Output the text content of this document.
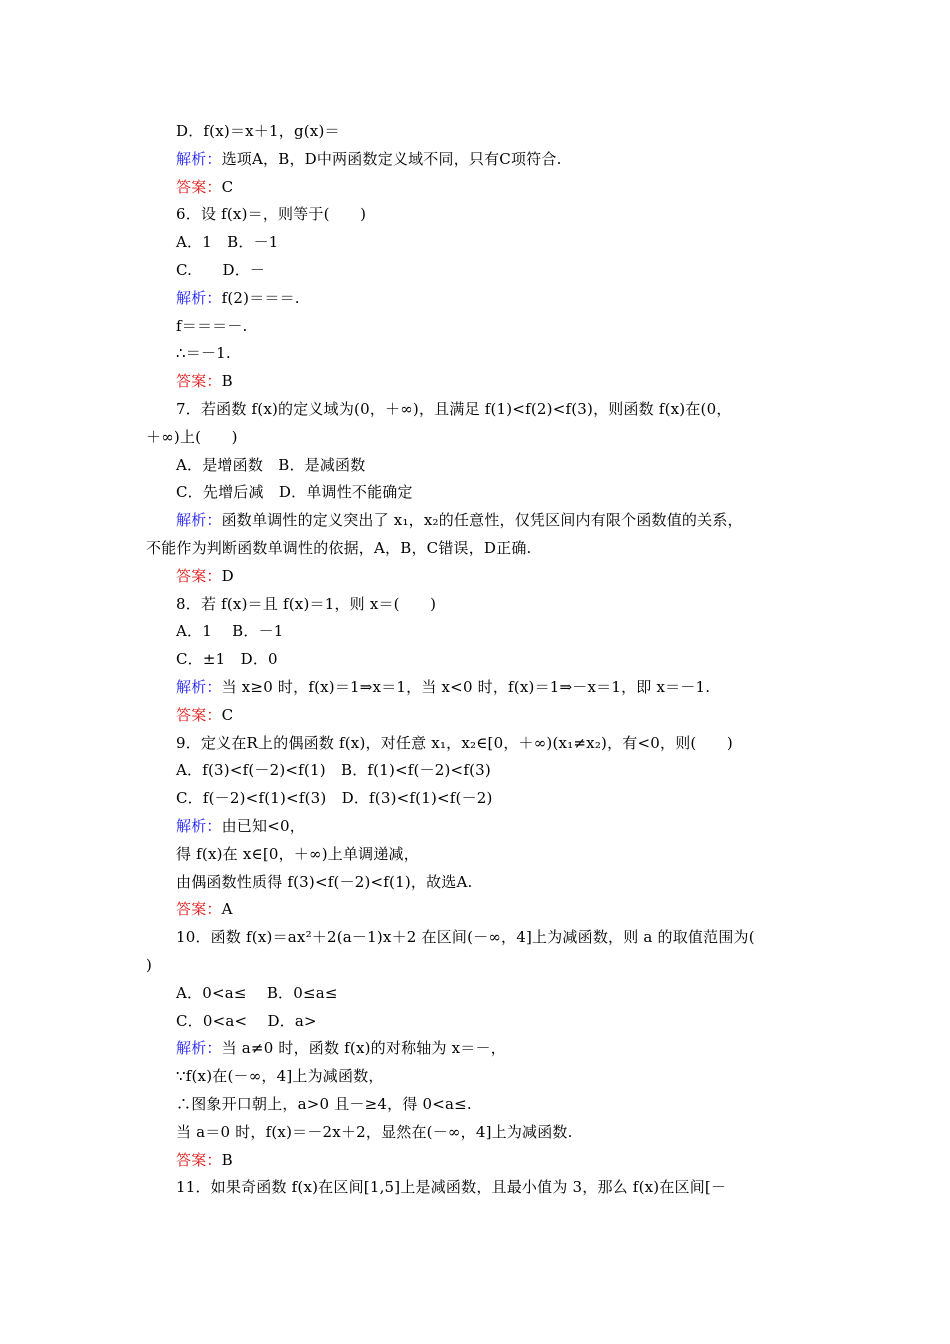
D．f(x)＝x＋1，g(x)＝
解析：选项A，B，D中两函数定义域不同，只有C项符合.
答案：C
6．设 f(x)＝，则等于(　　)
A．1　B．－1
C.　　D．－
解析：f(2)＝＝＝.
f＝＝＝－.
∴＝－1.
答案：B
7．若函数 f(x)的定义域为(0，＋∞)，且满足 f(1)<f(2)<f(3)，则函数 f(x)在(0，
＋∞)上(　　)
A．是增函数　B．是减函数
C．先增后减　D．单调性不能确定
解析：函数单调性的定义突出了 x₁，x₂的任意性，仅凭区间内有限个函数值的关系，
不能作为判断函数单调性的依据，A，B，C错误，D正确.
答案：D
8．若 f(x)＝且 f(x)＝1，则 x＝(　　)
A．1　 B．－1
C．±1　D．0
解析：当 x≥0 时，f(x)＝1⇒x＝1，当 x<0 时，f(x)＝1⇒－x＝1，即 x＝－1.
答案：C
9．定义在R上的偶函数 f(x)，对任意 x₁，x₂∈[0，＋∞)(x₁≠x₂)，有<0，则(　　)
A．f(3)<f(－2)<f(1)　B．f(1)<f(－2)<f(3)
C．f(－2)<f(1)<f(3)　D．f(3)<f(1)<f(－2)
解析：由已知<0，
得 f(x)在 x∈[0，＋∞)上单调递减，
由偶函数性质得 f(3)<f(－2)<f(1)，故选A.
答案：A
10．函数 f(x)＝ax²＋2(a－1)x＋2 在区间(－∞，4]上为减函数，则 a 的取值范围为(
)
A．0<a≤　 B．0≤a≤
C．0<a<　 D．a>
解析：当 a≠0 时，函数 f(x)的对称轴为 x＝－，
∵f(x)在(－∞，4]上为减函数，
∴图象开口朝上，a>0 且－≥4，得 0<a≤.
当 a＝0 时，f(x)＝－2x＋2，显然在(－∞，4]上为减函数.
答案：B
11．如果奇函数 f(x)在区间[1,5]上是减函数，且最小值为 3，那么 f(x)在区间[－
